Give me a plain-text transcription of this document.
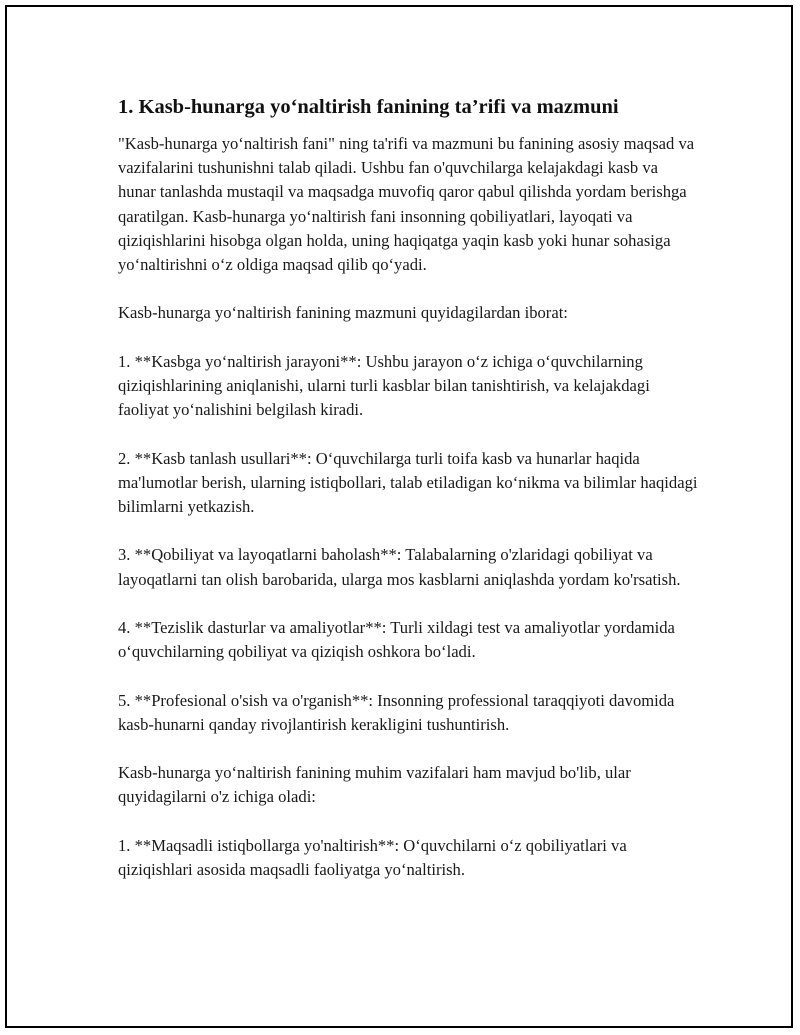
1. Kasb-hunarga yo‘naltirish fanining ta’rifi va mazmuni

"Kasb-hunarga yo‘naltirish fani" ning ta'rifi va mazmuni bu fanining asosiy maqsad va vazifalarini tushunishni talab qiladi. Ushbu fan o'quvchilarga kelajakdagi kasb va hunar tanlashda mustaqil va maqsadga muvofiq qaror qabul qilishda yordam berishga qaratilgan. Kasb-hunarga yo‘naltirish fani insonning qobiliyatlari, layoqati va qiziqishlarini hisobga olgan holda, uning haqiqatga yaqin kasb yoki hunar sohasiga yo‘naltirishni o‘z oldiga maqsad qilib qo‘yadi.

Kasb-hunarga yo‘naltirish fanining mazmuni quyidagilardan iborat:

1. **Kasbga yo‘naltirish jarayoni**: Ushbu jarayon o‘z ichiga o‘quvchilarning qiziqishlarining aniqlanishi, ularni turli kasblar bilan tanishtirish, va kelajakdagi faoliyat yo‘nalishini belgilash kiradi.

2. **Kasb tanlash usullari**: O‘quvchilarga turli toifa kasb va hunarlar haqida ma'lumotlar berish, ularning istiqbollari, talab etiladigan ko‘nikma va bilimlar haqidagi bilimlarni yetkazish.

3. **Qobiliyat va layoqatlarni baholash**: Talabalarning o'zlaridagi qobiliyat va layoqatlarni tan olish barobarida, ularga mos kasblarni aniqlashda yordam ko'rsatish.

4. **Tezislik dasturlar va amaliyotlar**: Turli xildagi test va amaliyotlar yordamida o‘quvchilarning qobiliyat va qiziqish oshkora bo‘ladi.

5. **Profesional o'sish va o'rganish**: Insonning professional taraqqiyoti davomida kasb-hunarni qanday rivojlantirish kerakligini tushuntirish.

Kasb-hunarga yo‘naltirish fanining muhim vazifalari ham mavjud bo'lib, ular quyidagilarni o'z ichiga oladi:

1. **Maqsadli istiqbollarga yo'naltirish**: O‘quvchilarni o‘z qobiliyatlari va qiziqishlari asosida maqsadli faoliyatga yo‘naltirish.
